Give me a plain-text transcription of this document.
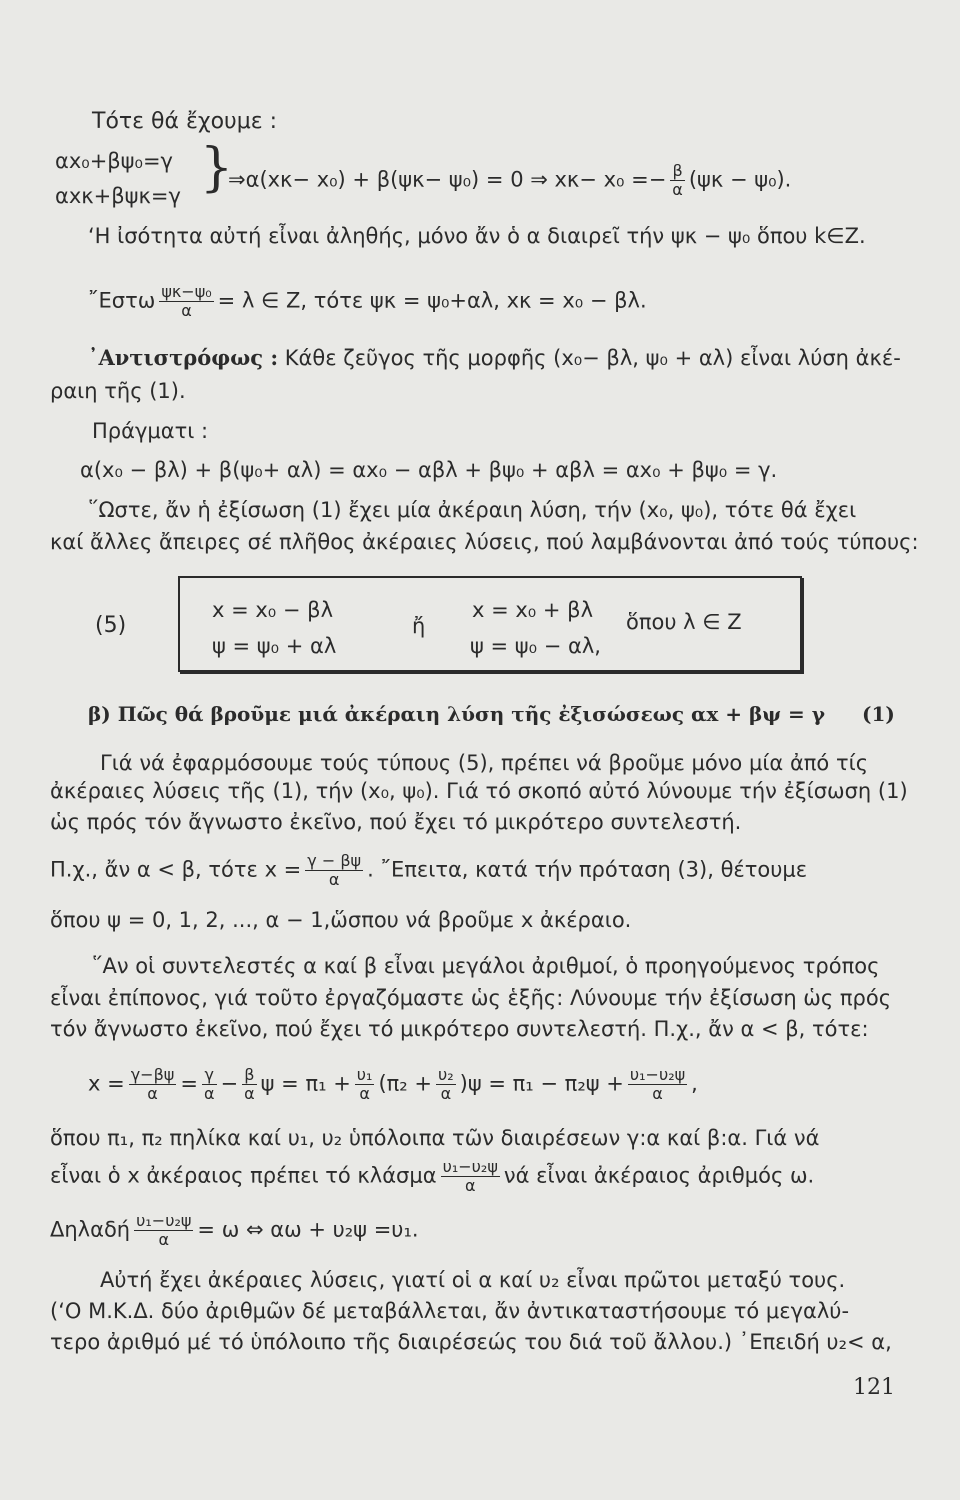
Τότε θά ἔχουμε :
αx₀+βψ₀=γ
αxκ+βψκ=γ }
⇒α(xκ− x₀) + β(ψκ− ψ₀) = 0 ⇒ $x\kappa- x_0 =- \frac{\beta}{\alpha} (\psi\kappa - \psi_0)$.
‘Η ἰσότητα αὐτή εἶναι ἀληθής, μόνο ἄν ὁ α διαιρεῖ τήν ψκ − ψ₀ ὅπου k∈Z.
῎Εστω $\frac{\text{ψκ−ψ₀}}{\alpha} = \lambda$ ∈ Z, τότε ψκ = ψ₀+αλ, xκ = x₀ − βλ.
᾽Αντιστρόφως : Κάθε ζεῦγος τῆς μορφῆς (x₀− βλ, ψ₀ + αλ) εἶναι λύση ἀκέ-
ραιη τῆς (1).
Πράγματι :
α(x₀ − βλ) + β(ψ₀+ αλ) = αx₀ − αβλ + βψ₀ + αβλ = αx₀ + βψ₀ = γ.
῞Ωστε, ἄν ἡ ἐξίσωση (1) ἔχει μία ἀκέραιη λύση, τήν (x₀, ψ₀), τότε θά ἔχει
καί ἄλλες ἄπειρες σέ πλῆθος ἀκέραιες λύσεις, πού λαμβάνονται ἀπό τούς τύπους:
(5)
x = x₀ − βλ
ψ = ψ₀ + αλ
ἤ
x = x₀ + βλ
ψ = ψ₀ − αλ,
ὅπου λ ∈ Z
β) Πῶς θά βροῦμε μιά ἀκέραιη λύση τῆς ἐξισώσεως αx + βψ = γ (1)
Γιά νά ἐφαρμόσουμε τούς τύπους (5), πρέπει νά βροῦμε μόνο μία ἀπό τίς
ἀκέραιες λύσεις τῆς (1), τήν (x₀, ψ₀). Γιά τό σκοπό αὐτό λύνουμε τήν ἐξίσωση (1)
ὡς πρός τόν ἄγνωστο ἐκεῖνο, πού ἔχει τό μικρότερο συντελεστή.
Π.χ., ἄν α < β, τότε $x = \frac{\gamma - \beta\psi}{\alpha}$ . ῎Επειτα, κατά τήν πρόταση (3), θέτουμε
ὅπου ψ = 0, 1, 2, ..., α − 1,ὥσπου νά βροῦμε x ἀκέραιο.
῞Αν οἱ συντελεστές α καί β εἶναι μεγάλοι ἀριθμοί, ὁ προηγούμενος τρόπος
εἶναι ἐπίπονος, γιά τοῦτο ἐργαζόμαστε ὡς ἑξῆς: Λύνουμε τήν ἐξίσωση ὡς πρός
τόν ἄγνωστο ἐκεῖνο, πού ἔχει τό μικρότερο συντελεστή. Π.χ., ἄν α < β, τότε:
$x = \frac{\gamma-\beta\psi}{\alpha} = \frac{\gamma}{\alpha} - \frac{\beta}{\alpha}$ $\psi = \pi_1 + \frac{\text{υ₁}}{\alpha} (\pi_2 + \frac{\text{υ₂}}{\alpha} )\psi = \pi_1 - \pi_2\psi + \frac{\text{υ₁−υ₂ψ}}{\alpha}$ ,
ὅπου π₁, π₂ πηλίκα καί υ₁, υ₂ ὑπόλοιπα τῶν διαιρέσεων γ:α καί β:α. Γιά νά
εἶναι ὁ x ἀκέραιος πρέπει τό κλάσμα $\frac{\text{υ₁−υ₂ψ}}{\alpha}$ νά εἶναι ἀκέραιος ἀριθμός ω.
Δηλαδή $\frac{\text{υ₁−υ₂ψ}}{\alpha} = \omega$ ⇔ αω + υ₂ψ =υ₁.
Αὐτή ἔχει ἀκέραιες λύσεις, γιατί οἱ α καί υ₂ εἶναι πρῶτοι μεταξύ τους.
(‘Ο Μ.Κ.Δ. δύο ἀριθμῶν δέ μεταβάλλεται, ἄν ἀντικαταστήσουμε τό μεγαλύ-
τερο ἀριθμό μέ τό ὑπόλοιπο τῆς διαιρέσεώς του διά τοῦ ἄλλου.) ᾽Επειδή υ₂< α,
121
